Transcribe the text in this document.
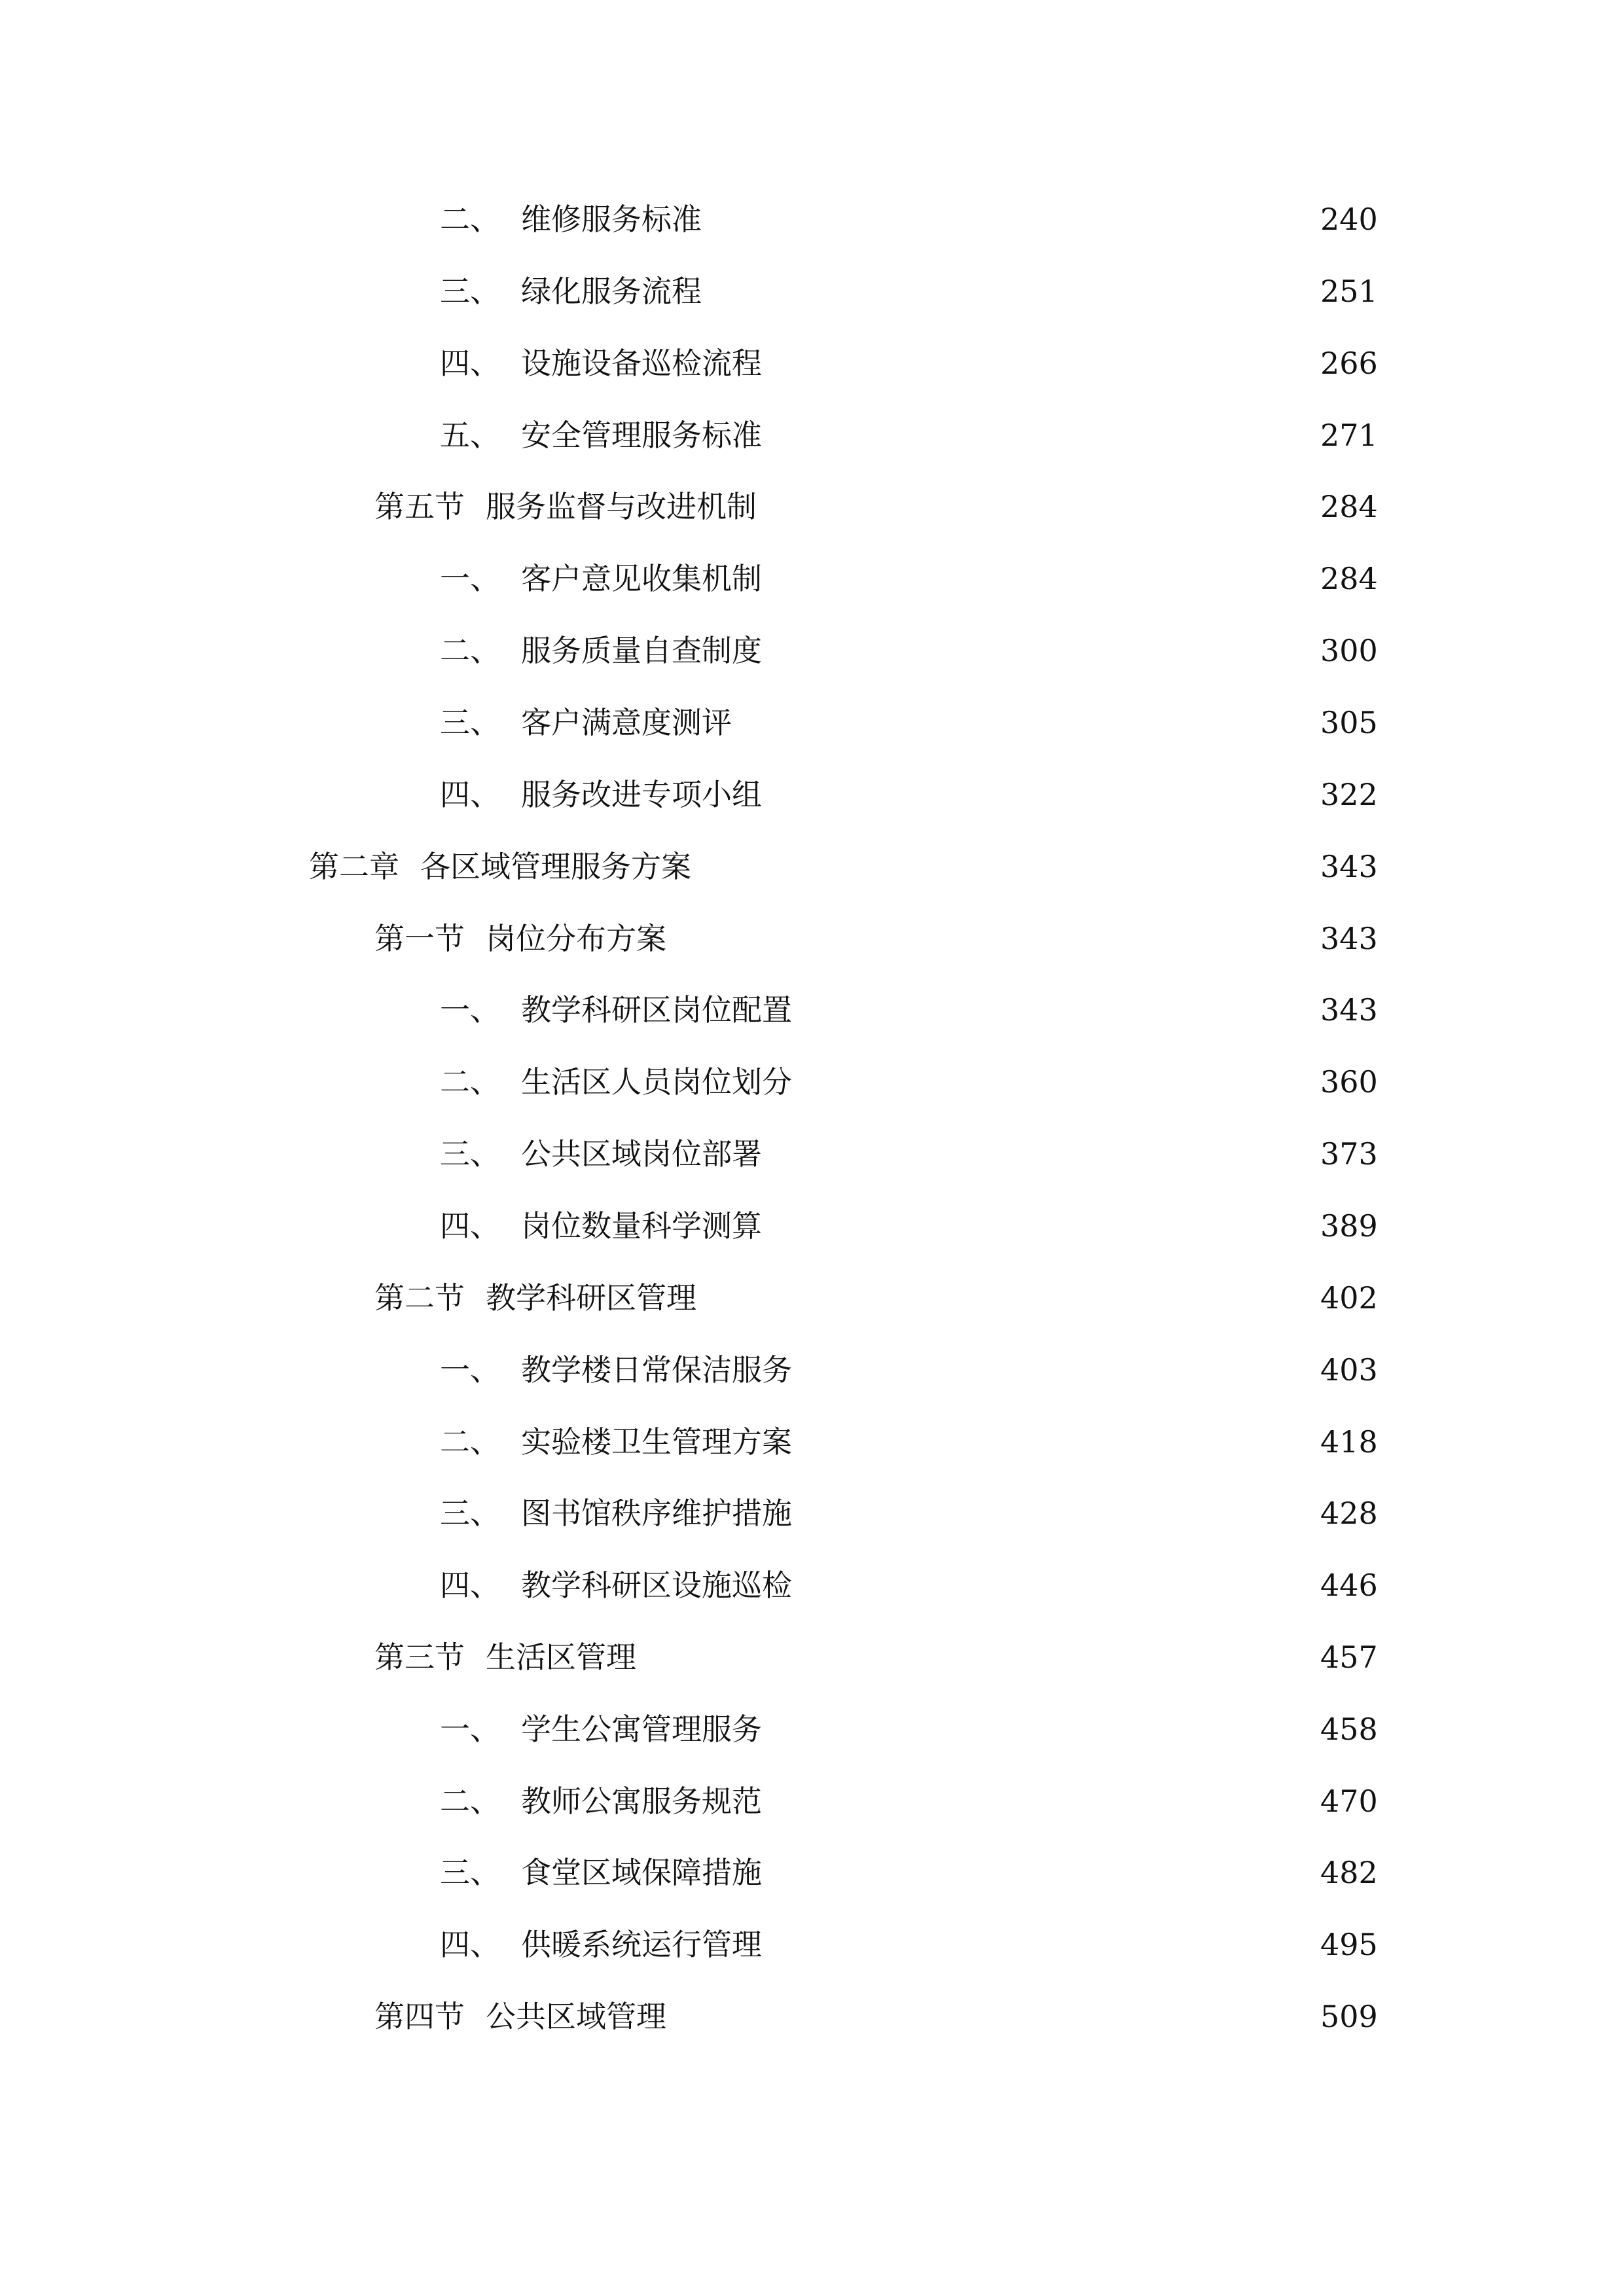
二、 维修服务标准	240
三、 绿化服务流程	251
四、 设施设备巡检流程	266
五、 安全管理服务标准	271
第五节 服务监督与改进机制	284
一、 客户意见收集机制	284
二、 服务质量自查制度	300
三、 客户满意度测评	305
四、 服务改进专项小组	322
第二章 各区域管理服务方案	343
第一节 岗位分布方案	343
一、 教学科研区岗位配置	343
二、 生活区人员岗位划分	360
三、 公共区域岗位部署	373
四、 岗位数量科学测算	389
第二节 教学科研区管理	402
一、 教学楼日常保洁服务	403
二、 实验楼卫生管理方案	418
三、 图书馆秩序维护措施	428
四、 教学科研区设施巡检	446
第三节 生活区管理	457
一、 学生公寓管理服务	458
二、 教师公寓服务规范	470
三、 食堂区域保障措施	482
四、 供暖系统运行管理	495
第四节 公共区域管理	509
